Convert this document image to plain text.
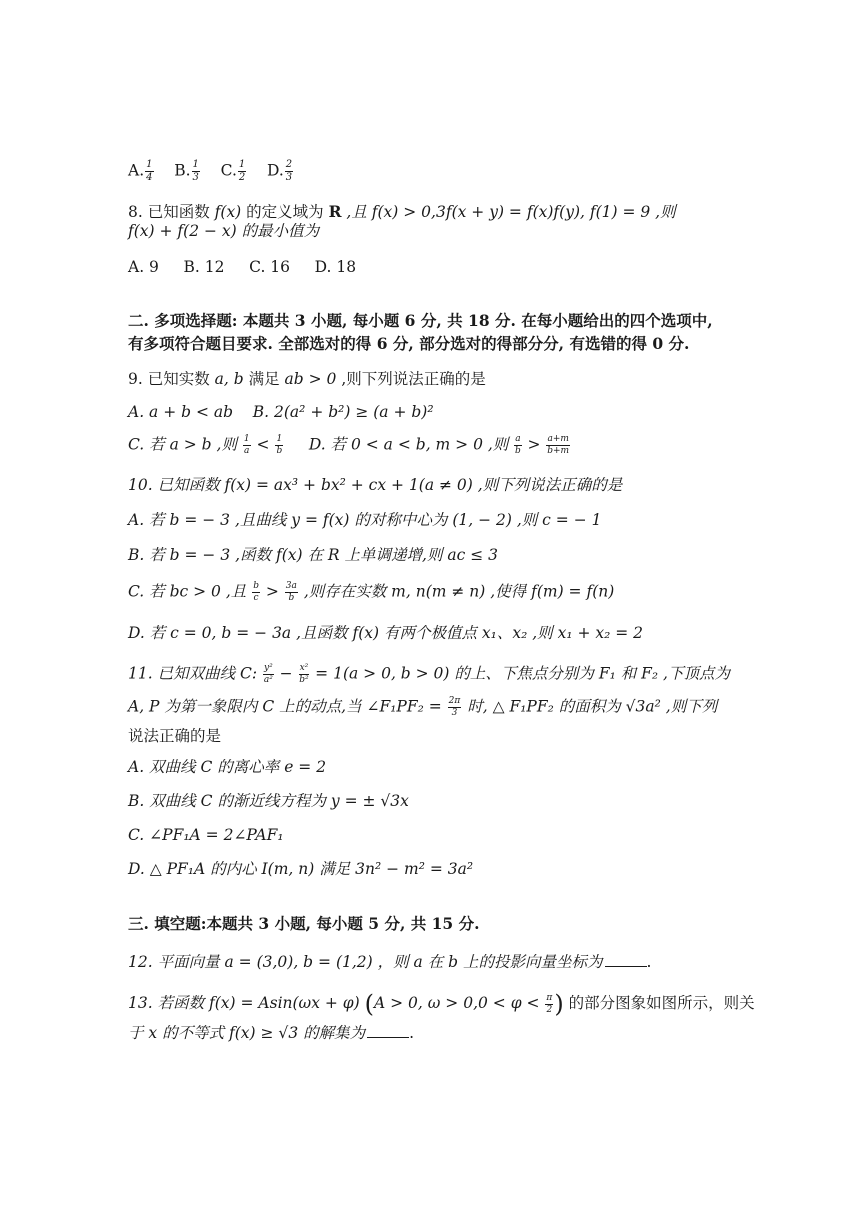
A. $\frac{1}{4} B$. $\frac{1}{3} C$. $\frac{1}{2} D$. $\frac{2}{3}$
8. 已知函数 f(x) 的定义域为 R ,且 f(x) > 0,3f(x + y) = f(x)f(y), f(1) = 9 ,则
f(x) + f(2 − x) 的最小值为
A. 9     B. 12     C. 16     D. 18
二. 多项选择题: 本题共 3 小题, 每小题 6 分, 共 18 分. 在每小题给出的四个选项中,
有多项符合题目要求. 全部选对的得 6 分, 部分选对的得部分分, 有选错的得 0 分.
9. 已知实数 a, b 满足 ab > 0 ,则下列说法正确的是
A. a + b < ab B. 2(a² + b²) ≥ (a + b)²
C. 若 a > b ,则 $\frac{1}{a} < \frac{1}{b} D$. 若 0 < a < b, m > 0 ,则 $\frac{a}{b} > \frac{a+m}{b+m}$
10. 已知函数 f(x) = ax³ + bx² + cx + 1(a ≠ 0) ,则下列说法正确的是
A. 若 b = − 3 ,且曲线 y = f(x) 的对称中心为 (1, − 2) ,则 c = − 1
B. 若 b = − 3 ,函数 f(x) 在 R 上单调递增,则 ac ≤ 3
C. 若 bc > 0 ,且 $\frac{b}{c} > \frac{3a}{b}$ ,则存在实数 m, n(m ≠ n) ,使得 f(m) = f(n)
D. 若 c = 0, b = − 3a ,且函数 f(x) 有两个极值点 x₁、x₂ ,则 x₁ + x₂ = 2
11. 已知双曲线 C: $\frac{\text{y²}}{\text{a²}} - \frac{\text{x²}}{\text{b²}} = 1(a > 0$, b > 0) 的上、下焦点分别为 F₁ 和 F₂ ,下顶点为
A, P 为第一象限内 C 上的动点,当 ∠F₁PF₂ = $\frac{2\pi}{3}$ 时, △ F₁PF₂ 的面积为 √3a² ,则下列
说法正确的是
A. 双曲线 C 的离心率 e = 2
B. 双曲线 C 的渐近线方程为 y = ± √3x
C. ∠PF₁A = 2∠PAF₁
D. △ PF₁A 的内心 I(m, n) 满足 3n² − m² = 3a²
三. 填空题:本题共 3 小题, 每小题 5 分, 共 15 分.
12. 平面向量 a = (3,0), b = (1,2) ，则 a 在 b 上的投影向量坐标为	.
13. 若函数 f(x) = Asin(ωx + φ) (A > 0, $\omega > 0,0 < \varphi < \frac{\pi}{2}$ ) 的部分图象如图所示，则关
于 x 的不等式 f(x) ≥ √3 的解集为	.
